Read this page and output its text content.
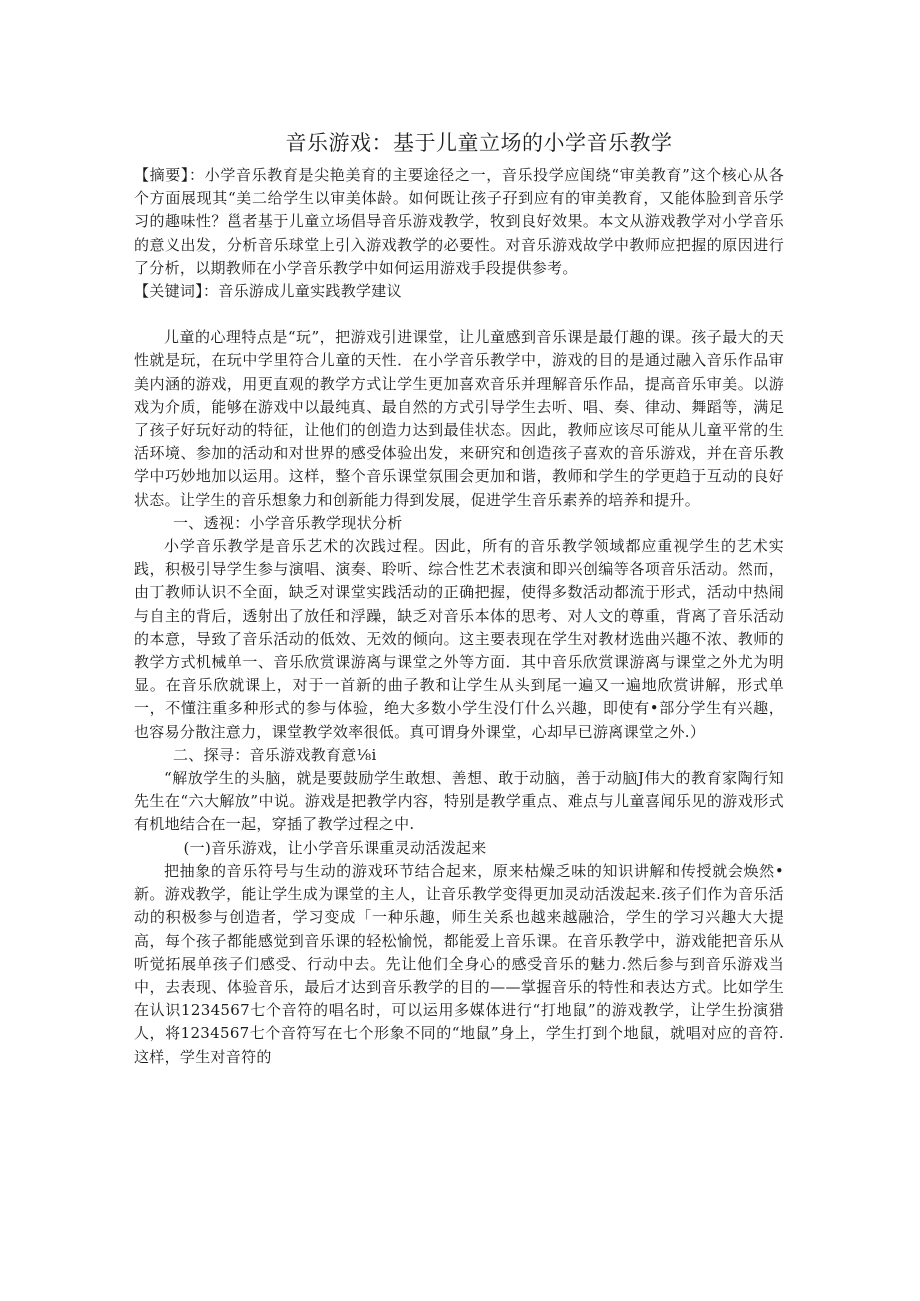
音乐游戏：基于儿童立场的小学音乐教学

【摘要】：小学音乐教育是尖艳美育的主要途径之一，音乐投学应闺绕“审美教育”这个核心从各个方面展现其“美二给学生以审美体龄。如何既让孩子孖到应有的审美教育，又能体脸到音乐学习的趣味性？邕者基于儿童立场倡导音乐游戏教学，牧到良好效果。本文从游戏教学对小学音乐的意义出发，分析音乐球堂上引入游戏教学的必要性。对音乐游戏故学中教师应把握的原因进行了分析，以期教师在小学音乐教学中如何运用游戏手段提供参考。

【关键词】：音乐游成儿童实践教学建议

儿童的心理特点是“玩”，把游戏引进课堂，让儿童感到音乐课是最仃趣的课。孩子最大的天性就是玩，在玩中学里符合儿童的天性．在小学音乐教学中，游戏的目的是通过融入音乐作品审美内涵的游戏，用更直观的教学方式让学生更加喜欢音乐并理解音乐作品，提高音乐审美。以游戏为介质，能够在游戏中以最纯真、最自然的方式引导学生去听、唱、奏、律动、舞蹈等，满足了孩子好玩好动的特征，让他们的创造力达到最佳状态。因此，教师应该尽可能从儿童平常的生活环境、参加的活动和对世界的感受体验出发，来研究和创造孩子喜欢的音乐游戏，并在音乐教学中巧妙地加以运用。这样，整个音乐课堂氛围会更加和谐，教师和学生的学更趋于互动的良好状态。让学生的音乐想象力和创新能力得到发展，促进学生音乐素养的培养和提升。

一、透视：小学音乐教学现状分析

小学音乐教学是音乐艺术的次践过程。因此，所有的音乐教学领域都应重视学生的艺术实践，积极引导学生参与演唱、演奏、聆听、综合性艺术表演和即兴创编等各项音乐活动。然而，由丁教师认识不全面，缺乏对课堂实践活动的正确把握，使得多数活动都流于形式，活动中热闹与自主的背后，透射出了放任和浮躁，缺乏对音乐本体的思考、对人文的尊重，背离了音乐活动的本意，导致了音乐活动的低效、无效的倾向。这主要表现在学生对教材选曲兴趣不浓、教师的教学方式机械单一、音乐欣赏课游离与课堂之外等方面．其中音乐欣赏课游离与课堂之外尤为明显。在音乐欣就课上，对于一首新的曲子教和让学生从头到尾一遍又一遍地欣赏讲解，形式单一，不懂注重多种形式的参与体验，绝大多数小学生没仃什么兴趣，即使有•部分学生有兴趣，也容易分散注意力，课堂教学效率很低。真可谓身外课堂，心却早已游离课堂之外.）

二、探寻：音乐游戏教育意⅛i

“解放学生的头脑，就是要鼓励学生敢想、善想、敢于动脑，善于动脑J伟大的教育家陶行知先生在“六大解放”中说。游戏是把教学内容，特别是教学重点、难点与儿童喜闻乐见的游戏形式有机地结合在一起，穿插了教学过程之中.

(一)音乐游戏，让小学音乐课重灵动活泼起来

把抽象的音乐符号与生动的游戏环节结合起来，原来枯燥乏味的知识讲解和传授就会焕然•新。游戏教学，能让学生成为课堂的主人，让音乐教学变得更加灵动活泼起来.孩子们作为音乐活动的积极参与创造者，学习变成「一种乐趣，师生关系也越来越融洽，学生的学习兴趣大大提高，每个孩子都能感觉到音乐课的轻松愉悦，都能爱上音乐课。在音乐教学中，游戏能把音乐从听觉拓展单孩子们感受、行动中去。先让他们全身心的感受音乐的魅力.然后参与到音乐游戏当中，去表现、体验音乐，最后才达到音乐教学的目的——掌握音乐的特性和表达方式。比如学生在认识1234567七个音符的唱名时，可以运用多媒体进行“打地鼠”的游戏教学，让学生扮演猎人，将1234567七个音符写在七个形象不同的“地鼠”身上，学生打到个地鼠，就唱对应的音符.这样，学生对音符的
